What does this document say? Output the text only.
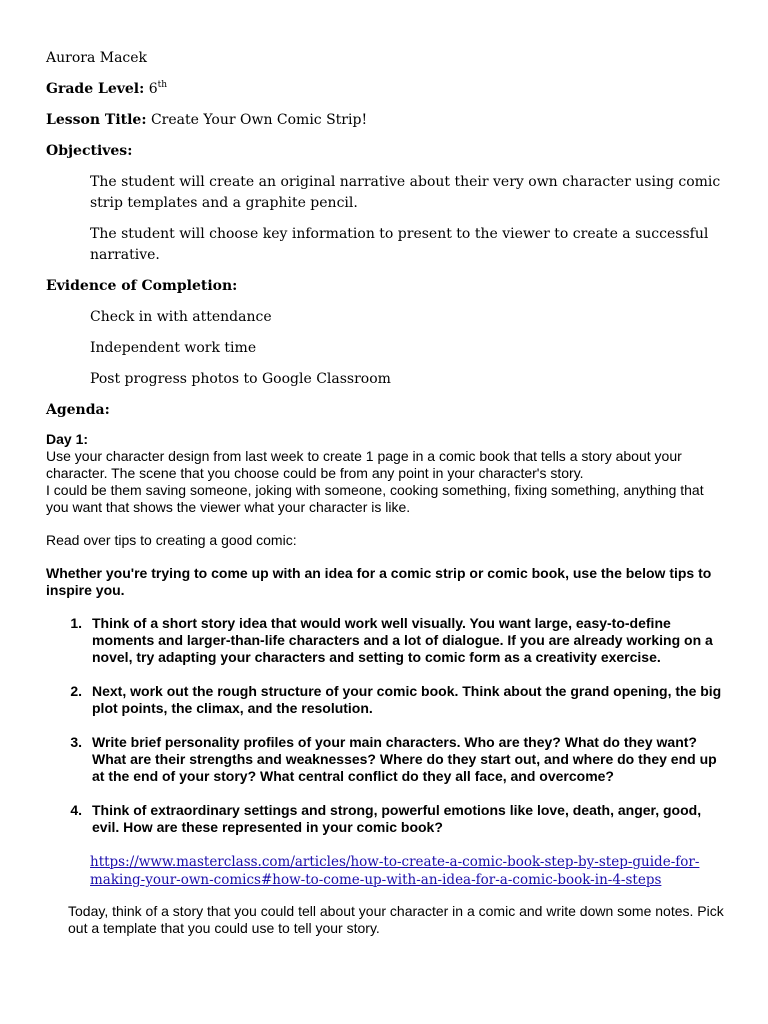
Aurora Macek

Grade Level: 6th

Lesson Title: Create Your Own Comic Strip!

Objectives:

The student will create an original narrative about their very own character using comic strip templates and a graphite pencil.

The student will choose key information to present to the viewer to create a successful narrative.

Evidence of Completion:

Check in with attendance

Independent work time

Post progress photos to Google Classroom

Agenda:

Day 1:

Use your character design from last week to create 1 page in a comic book that tells a story about your character. The scene that you choose could be from any point in your character's story.

I could be them saving someone, joking with someone, cooking something, fixing something, anything that you want that shows the viewer what your character is like.

Read over tips to creating a good comic:

Whether you're trying to come up with an idea for a comic strip or comic book, use the below tips to inspire you.

1. Think of a short story idea that would work well visually. You want large, easy-to-define moments and larger-than-life characters and a lot of dialogue. If you are already working on a novel, try adapting your characters and setting to comic form as a creativity exercise.
2. Next, work out the rough structure of your comic book. Think about the grand opening, the big plot points, the climax, and the resolution.
3. Write brief personality profiles of your main characters. Who are they? What do they want? What are their strengths and weaknesses? Where do they start out, and where do they end up at the end of your story? What central conflict do they all face, and overcome?
4. Think of extraordinary settings and strong, powerful emotions like love, death, anger, good, evil. How are these represented in your comic book?
https://www.masterclass.com/articles/how-to-create-a-comic-book-step-by-step-guide-for-making-your-own-comics#how-to-come-up-with-an-idea-for-a-comic-book-in-4-steps

Today, think of a story that you could tell about your character in a comic and write down some notes. Pick out a template that you could use to tell your story.
